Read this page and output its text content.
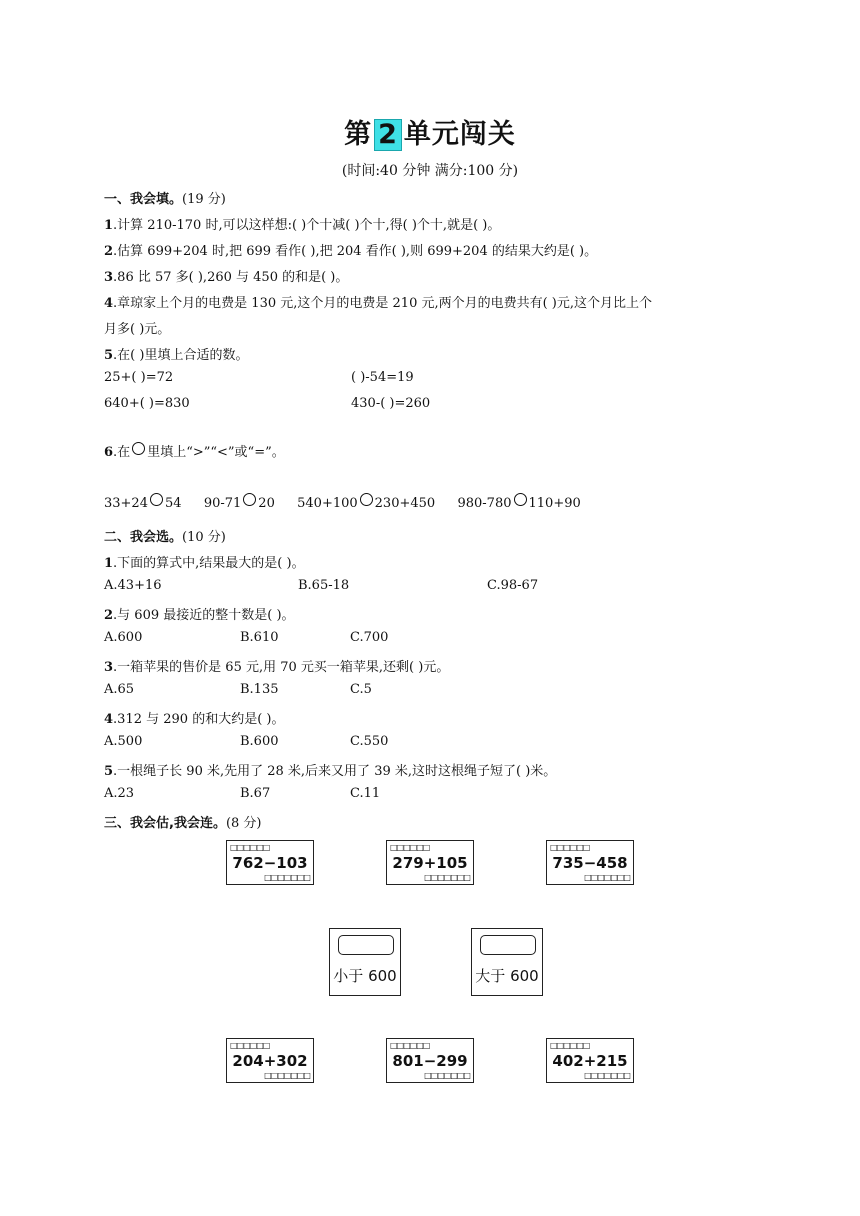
第 2 单元闯关
(时间:40 分钟 满分:100 分)
一、我会填。(19 分)
1.计算 210-170 时,可以这样想:( )个十减( )个十,得( )个十,就是( )。
2.估算 699+204 时,把 699 看作( ),把 204 看作( ),则 699+204 的结果大约是( )。
3.86 比 57 多( ),260 与 450 的和是( )。
4.章琼家上个月的电费是 130 元,这个月的电费是 210 元,两个月的电费共有( )元,这个月比上个
月多( )元。
5.在( )里填上合适的数。
25+( )=72	( )-54=19
640+( )=830	430-( )=260
6.在 里填上“>”“<”或“=”。
33+24 54 90-71 20 540+100 230+450 980-780 110+90
二、我会选。(10 分)
1.下面的算式中,结果最大的是( )。
A.43+16	B.65-18	C.98-67
2.与 609 最接近的整十数是( )。
A.600	B.610	C.700
3.一箱苹果的售价是 65 元,用 70 元买一箱苹果,还剩( )元。
A.65	B.135	C.5
4.312 与 290 的和大约是( )。
A.500	B.600	C.550
5.一根绳子长 90 米,先用了 28 米,后来又用了 39 米,这时这根绳子短了( )米。
A.23	B.67	C.11
三、我会估,我会连。(8 分)
□□□□□□
762−103
□□□□□□□
□□□□□□
279+105
□□□□□□□
□□□□□□
735−458
□□□□□□□
小于 600	大于 600
□□□□□□
204+302
□□□□□□□
□□□□□□
801−299
□□□□□□□
□□□□□□
402+215
□□□□□□□
